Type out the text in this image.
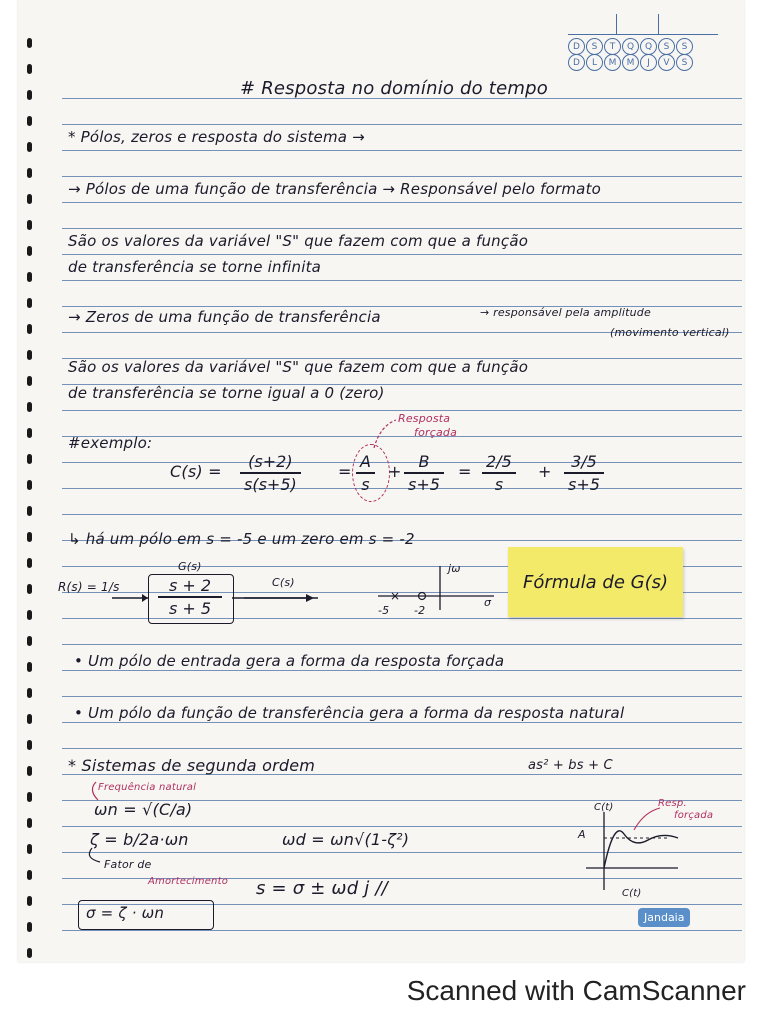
D	S	T	Q	Q	S	S
D	L	M	M	J	V	S
# Resposta no domínio do tempo
* Pólos, zeros e resposta do sistema →
→ Pólos de uma função de transferência → Responsável pelo formato
São os valores da variável "S" que fazem com que a função
de transferência se torne infinita
→ Zeros de uma função de transferência	→ responsável pela amplitude
(movimento vertical)
São os valores da variável "S" que fazem com que a função
de transferência se torne igual a 0 (zero)
#exemplo:
Resposta
forçada
C(s) =
(s+2)
s(s+5)
=
A
s
+
B
s+5
=
2/5
s
+
3/5
s+5
↳ há um pólo em s = -5 e um zero em s = -2
R(s) = 1/s
G(s)
s + 2
s + 5
C(s)
jω
σ
-5 -2
Fórmula de G(s)
• Um pólo de entrada gera a forma da resposta forçada
• Um pólo da função de transferência gera a forma da resposta natural
* Sistemas de segunda ordem	as² + bs + C
Frequência natural
ωn = √(C/a)
ζ = b/2a·ωn	ωd = ωn√(1-ζ²)
Fator de
Amortecimento s = σ ± ωd j //
σ = ζ · ωn
C(t)
A
Resp.
forçada
C(t)
Jandaia
×
Scanned with CamScanner
